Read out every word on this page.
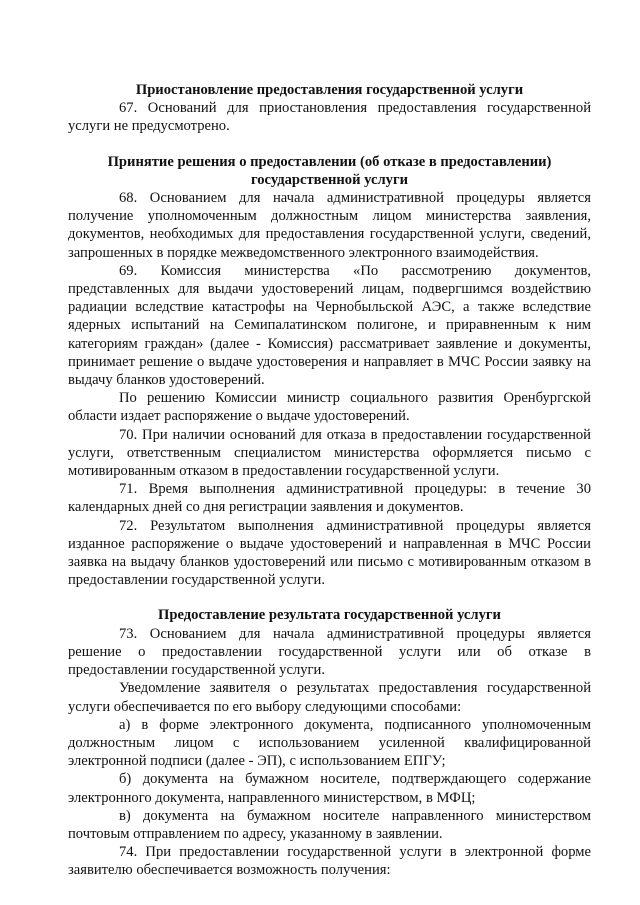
Приостановление предоставления государственной услуги

67. Оснований для приостановления предоставления государственной услуги не предусмотрено.

Принятие решения о предоставлении (об отказе в предоставлении) государственной услуги

68. Основанием для начала административной процедуры является получение уполномоченным должностным лицом министерства заявления, документов, необходимых для предоставления государственной услуги, сведений, запрошенных в порядке межведомственного электронного взаимодействия.

69. Комиссия министерства «По рассмотрению документов, представленных для выдачи удостоверений лицам, подвергшимся воздействию радиации вследствие катастрофы на Чернобыльской АЭС, а также вследствие ядерных испытаний на Семипалатинском полигоне, и приравненным к ним категориям граждан» (далее - Комиссия) рассматривает заявление и документы, принимает решение о выдаче удостоверения и направляет в МЧС России заявку на выдачу бланков удостоверений.

По решению Комиссии министр социального развития Оренбургской области издает распоряжение о выдаче удостоверений.

70. При наличии оснований для отказа в предоставлении государственной услуги, ответственным специалистом министерства оформляется письмо с мотивированным отказом в предоставлении государственной услуги.

71. Время выполнения административной процедуры: в течение 30 календарных дней со дня регистрации заявления и документов.

72. Результатом выполнения административной процедуры является изданное распоряжение о выдаче удостоверений и направленная в МЧС России заявка на выдачу бланков удостоверений или письмо с мотивированным отказом в предоставлении государственной услуги.

Предоставление результата государственной услуги

73. Основанием для начала административной процедуры является решение о предоставлении государственной услуги или об отказе в предоставлении государственной услуги.

Уведомление заявителя о результатах предоставления государственной услуги обеспечивается по его выбору следующими способами:

а) в форме электронного документа, подписанного уполномоченным должностным лицом с использованием усиленной квалифицированной электронной подписи (далее - ЭП), с использованием ЕПГУ;

б) документа на бумажном носителе, подтверждающего содержание электронного документа, направленного министерством, в МФЦ;

в) документа на бумажном носителе направленного министерством почтовым отправлением по адресу, указанному в заявлении.

74. При предоставлении государственной услуги в электронной форме заявителю обеспечивается возможность получения:
